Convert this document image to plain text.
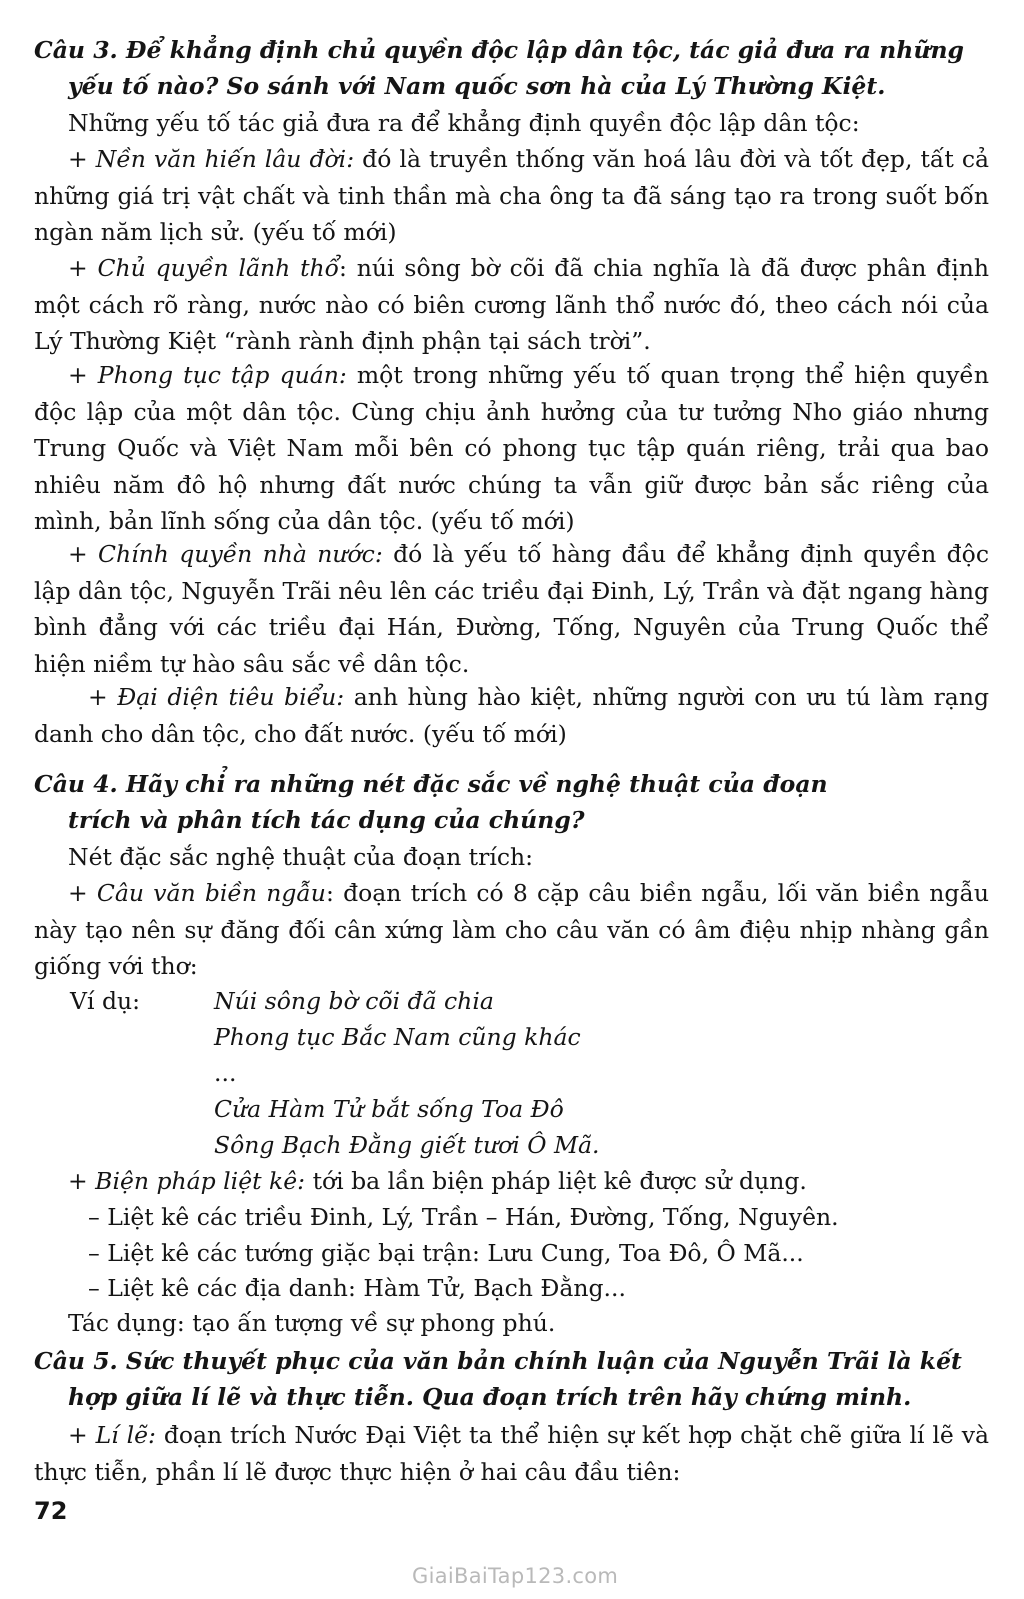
Câu 3. Để khẳng định chủ quyền độc lập dân tộc, tác giả đưa ra những
yếu tố nào? So sánh với Nam quốc sơn hà của Lý Thường Kiệt.

Những yếu tố tác giả đưa ra để khẳng định quyền độc lập dân tộc:

+ Nền văn hiến lâu đời: đó là truyền thống văn hoá lâu đời và tốt đẹp, tất cả những giá trị vật chất và tinh thần mà cha ông ta đã sáng tạo ra trong suốt bốn ngàn năm lịch sử. (yếu tố mới)

+ Chủ quyền lãnh thổ: núi sông bờ cõi đã chia nghĩa là đã được phân định một cách rõ ràng, nước nào có biên cương lãnh thổ nước đó, theo cách nói của Lý Thường Kiệt “rành rành định phận tại sách trời”.

+ Phong tục tập quán: một trong những yếu tố quan trọng thể hiện quyền độc lập của một dân tộc. Cùng chịu ảnh hưởng của tư tưởng Nho giáo nhưng Trung Quốc và Việt Nam mỗi bên có phong tục tập quán riêng, trải qua bao nhiêu năm đô hộ nhưng đất nước chúng ta vẫn giữ được bản sắc riêng của mình, bản lĩnh sống của dân tộc. (yếu tố mới)

+ Chính quyền nhà nước: đó là yếu tố hàng đầu để khẳng định quyền độc lập dân tộc, Nguyễn Trãi nêu lên các triều đại Đinh, Lý, Trần và đặt ngang hàng bình đẳng với các triều đại Hán, Đường, Tống, Nguyên của Trung Quốc thể hiện niềm tự hào sâu sắc về dân tộc.

+ Đại diện tiêu biểu: anh hùng hào kiệt, những người con ưu tú làm rạng danh cho dân tộc, cho đất nước. (yếu tố mới)

Câu 4. Hãy chỉ ra những nét đặc sắc về nghệ thuật của đoạn
trích và phân tích tác dụng của chúng?

Nét đặc sắc nghệ thuật của đoạn trích:

+ Câu văn biền ngẫu: đoạn trích có 8 cặp câu biền ngẫu, lối văn biền ngẫu này tạo nên sự đăng đối cân xứng làm cho câu văn có âm điệu nhịp nhàng gần giống với thơ:

Ví dụ:	Núi sông bờ cõi đã chia
Phong tục Bắc Nam cũng khác
...
Cửa Hàm Tử bắt sống Toa Đô
Sông Bạch Đằng giết tươi Ô Mã.

+ Biện pháp liệt kê: tới ba lần biện pháp liệt kê được sử dụng.

– Liệt kê các triều Đinh, Lý, Trần – Hán, Đường, Tống, Nguyên.

– Liệt kê các tướng giặc bại trận: Lưu Cung, Toa Đô, Ô Mã...

– Liệt kê các địa danh: Hàm Tử, Bạch Đằng...

Tác dụng: tạo ấn tượng về sự phong phú.

Câu 5. Sức thuyết phục của văn bản chính luận của Nguyễn Trãi là kết
hợp giữa lí lẽ và thực tiễn. Qua đoạn trích trên hãy chứng minh.

+ Lí lẽ: đoạn trích Nước Đại Việt ta thể hiện sự kết hợp chặt chẽ giữa lí lẽ và thực tiễn, phần lí lẽ được thực hiện ở hai câu đầu tiên:

72
GiaiBaiTap123.com
